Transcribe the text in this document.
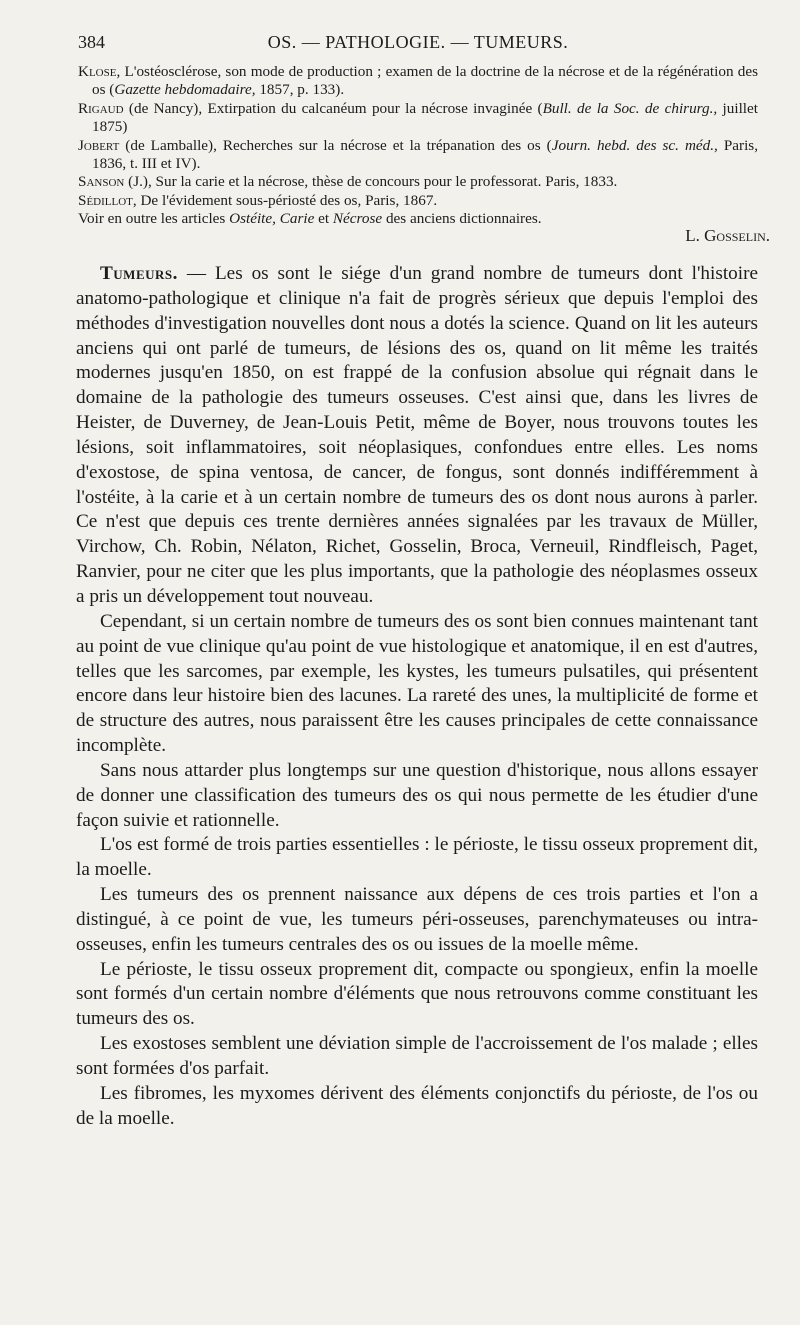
384	OS. — PATHOLOGIE. — TUMEURS.

Klose, L'ostéosclérose, son mode de production ; examen de la doctrine de la nécrose et de la régénération des os (Gazette hebdomadaire, 1857, p. 133).

Rigaud (de Nancy), Extirpation du calcanéum pour la nécrose invaginée (Bull. de la Soc. de chirurg., juillet 1875)

Jobert (de Lamballe), Recherches sur la nécrose et la trépanation des os (Journ. hebd. des sc. méd., Paris, 1836, t. III et IV).

Sanson (J.), Sur la carie et la nécrose, thèse de concours pour le professorat. Paris, 1833.

Sédillot, De l'évidement sous-périosté des os, Paris, 1867.

Voir en outre les articles Ostéite, Carie et Nécrose des anciens dictionnaires.

L. Gosselin.

Tumeurs. — Les os sont le siége d'un grand nombre de tumeurs dont l'histoire anatomo-pathologique et clinique n'a fait de progrès sérieux que depuis l'emploi des méthodes d'investigation nouvelles dont nous a dotés la science. Quand on lit les auteurs anciens qui ont parlé de tumeurs, de lésions des os, quand on lit même les traités modernes jusqu'en 1850, on est frappé de la confusion absolue qui régnait dans le domaine de la pathologie des tumeurs osseuses. C'est ainsi que, dans les livres de Heister, de Duverney, de Jean-Louis Petit, même de Boyer, nous trouvons toutes les lésions, soit inflammatoires, soit néoplasiques, confondues entre elles. Les noms d'exostose, de spina ventosa, de cancer, de fongus, sont donnés indifféremment à l'ostéite, à la carie et à un certain nombre de tumeurs des os dont nous aurons à parler. Ce n'est que depuis ces trente dernières années signalées par les travaux de Müller, Virchow, Ch. Robin, Nélaton, Richet, Gosselin, Broca, Verneuil, Rindfleisch, Paget, Ranvier, pour ne citer que les plus importants, que la pathologie des néoplasmes osseux a pris un développement tout nouveau.

Cependant, si un certain nombre de tumeurs des os sont bien connues maintenant tant au point de vue clinique qu'au point de vue histologique et anatomique, il en est d'autres, telles que les sarcomes, par exemple, les kystes, les tumeurs pulsatiles, qui présentent encore dans leur histoire bien des lacunes. La rareté des unes, la multiplicité de forme et de structure des autres, nous paraissent être les causes principales de cette connaissance incomplète.

Sans nous attarder plus longtemps sur une question d'historique, nous allons essayer de donner une classification des tumeurs des os qui nous permette de les étudier d'une façon suivie et rationnelle.

L'os est formé de trois parties essentielles : le périoste, le tissu osseux proprement dit, la moelle.

Les tumeurs des os prennent naissance aux dépens de ces trois parties et l'on a distingué, à ce point de vue, les tumeurs péri-osseuses, parenchymateuses ou intra-osseuses, enfin les tumeurs centrales des os ou issues de la moelle même.

Le périoste, le tissu osseux proprement dit, compacte ou spongieux, enfin la moelle sont formés d'un certain nombre d'éléments que nous retrouvons comme constituant les tumeurs des os.

Les exostoses semblent une déviation simple de l'accroissement de l'os malade ; elles sont formées d'os parfait.

Les fibromes, les myxomes dérivent des éléments conjonctifs du périoste, de l'os ou de la moelle.
